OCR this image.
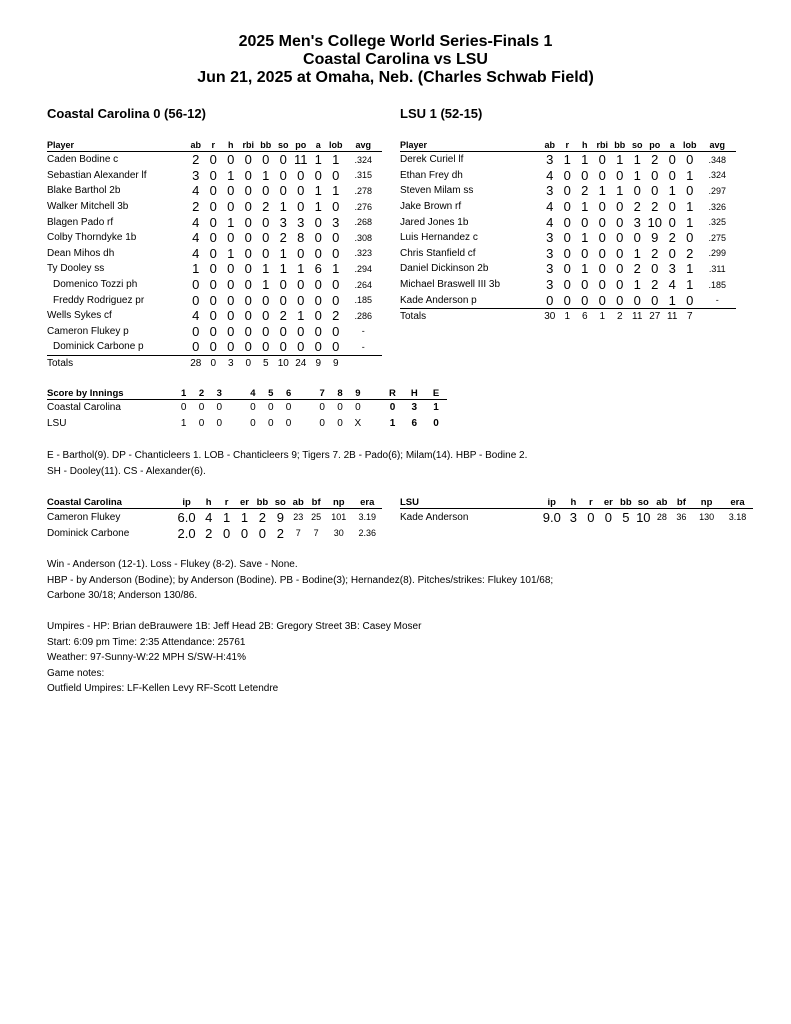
2025 Men's College World Series-Finals 1
Coastal Carolina vs LSU
Jun 21, 2025 at Omaha, Neb. (Charles Schwab Field)
Coastal Carolina 0 (56-12)
Player	ab	r	h	rbi	bb	so	po	a	lob	avg
Caden Bodine c	2	0	0	0	0	0	11	1	1	.324
Sebastian Alexander lf	3	0	1	0	1	0	0	0	0	.315
Blake Barthol 2b	4	0	0	0	0	0	0	1	1	.278
Walker Mitchell 3b	2	0	0	0	2	1	0	1	0	.276
Blagen Pado rf	4	0	1	0	0	3	3	0	3	.268
Colby Thorndyke 1b	4	0	0	0	0	2	8	0	0	.308
Dean Mihos dh	4	0	1	0	0	1	0	0	0	.323
Ty Dooley ss	1	0	0	0	1	1	1	6	1	.294
Domenico Tozzi ph	0	0	0	0	1	0	0	0	0	.264
Freddy Rodriguez pr	0	0	0	0	0	0	0	0	0	.185
Wells Sykes cf	4	0	0	0	0	2	1	0	2	.286
Cameron Flukey p	0	0	0	0	0	0	0	0	0	-
Dominick Carbone p	0	0	0	0	0	0	0	0	0	-
Totals	28	0	3	0	5	10	24	9	9	
LSU 1 (52-15)
Player	ab	r	h	rbi	bb	so	po	a	lob	avg
Derek Curiel lf	3	1	1	0	1	1	2	0	0	.348
Ethan Frey dh	4	0	0	0	0	1	0	0	1	.324
Steven Milam ss	3	0	2	1	1	0	0	1	0	.297
Jake Brown rf	4	0	1	0	0	2	2	0	1	.326
Jared Jones 1b	4	0	0	0	0	3	10	0	1	.325
Luis Hernandez c	3	0	1	0	0	0	9	2	0	.275
Chris Stanfield cf	3	0	0	0	0	1	2	0	2	.299
Daniel Dickinson 2b	3	0	1	0	0	2	0	3	1	.311
Michael Braswell III 3b	3	0	0	0	0	1	2	4	1	.185
Kade Anderson p	0	0	0	0	0	0	0	1	0	-
Totals	30	1	6	1	2	11	27	11	7	
Score by Innings	1	2	3		4	5	6		7	8	9		R	H	E
Coastal Carolina	0	0	0		0	0	0		0	0	0		0	3	1
LSU	1	0	0		0	0	0		0	0	X		1	6	0
E - Barthol(9). DP - Chanticleers 1. LOB - Chanticleers 9; Tigers 7. 2B - Pado(6); Milam(14). HBP - Bodine 2.
SH - Dooley(11). CS - Alexander(6).
Coastal Carolina	ip	h	r	er	bb	so	ab	bf	np	era
Cameron Flukey	6.0	4	1	1	2	9	23	25	101	3.19
Dominick Carbone	2.0	2	0	0	0	2	7	7	30	2.36
LSU	ip	h	r	er	bb	so	ab	bf	np	era
Kade Anderson	9.0	3	0	0	5	10	28	36	130	3.18
Win - Anderson (12-1). Loss - Flukey (8-2). Save - None.
HBP - by Anderson (Bodine); by Anderson (Bodine). PB - Bodine(3); Hernandez(8). Pitches/strikes: Flukey 101/68;
Carbone 30/18; Anderson 130/86.
Umpires - HP: Brian deBrauwere 1B: Jeff Head 2B: Gregory Street 3B: Casey Moser
Start: 6:09 pm Time: 2:35 Attendance: 25761
Weather: 97-Sunny-W:22 MPH S/SW-H:41%
Game notes:
Outfield Umpires: LF-Kellen Levy RF-Scott Letendre
